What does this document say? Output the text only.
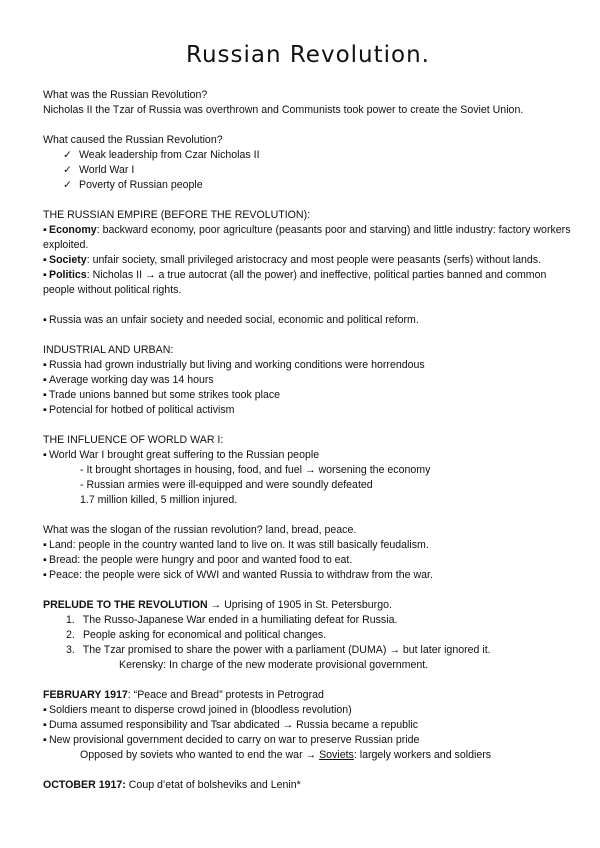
Russian Revolution.

What was the Russian Revolution?

Nicholas II the Tzar of Russia was overthrown and Communists took power to create the Soviet Union.

What caused the Russian Revolution?

✓ Weak leadership from Czar Nicholas II

✓ World War I

✓ Poverty of Russian people

THE RUSSIAN EMPIRE (BEFORE THE REVOLUTION):

▪ Economy: backward economy, poor agriculture (peasants poor and starving) and little industry: factory workers exploited.

▪ Society: unfair society, small privileged aristocracy and most people were peasants (serfs) without lands.

▪ Politics: Nicholas II → a true autocrat (all the power) and ineffective, political parties banned and common people without political rights.

▪ Russia was an unfair society and needed social, economic and political reform.

INDUSTRIAL AND URBAN:

▪ Russia had grown industrially but living and working conditions were horrendous

▪ Average working day was 14 hours

▪ Trade unions banned but some strikes took place

▪ Potencial for hotbed of political activism

THE INFLUENCE OF WORLD WAR I:

▪ World War I brought great suffering to the Russian people

- It brought shortages in housing, food, and fuel → worsening the economy

- Russian armies were ill-equipped and were soundly defeated

1.7 million killed, 5 million injured.

What was the slogan of the russian revolution? land, bread, peace.

▪ Land: people in the country wanted land to live on. It was still basically feudalism.

▪ Bread: the people were hungry and poor and wanted food to eat.

▪ Peace: the people were sick of WWI and wanted Russia to withdraw from the war.

PRELUDE TO THE REVOLUTION → Uprising of 1905 in St. Petersburgo.

1. The Russo-Japanese War ended in a humiliating defeat for Russia.

2. People asking for economical and political changes.

3. The Tzar promised to share the power with a parliament (DUMA) → but later ignored it.

Kerensky: In charge of the new moderate provisional government.

FEBRUARY 1917: “Peace and Bread” protests in Petrograd

▪ Soldiers meant to disperse crowd joined in (bloodless revolution)

▪ Duma assumed responsibility and Tsar abdicated → Russia became a republic

▪ New provisional government decided to carry on war to preserve Russian pride

Opposed by soviets who wanted to end the war → Soviets: largely workers and soldiers

OCTOBER 1917: Coup d’etat of bolsheviks and Lenin*
